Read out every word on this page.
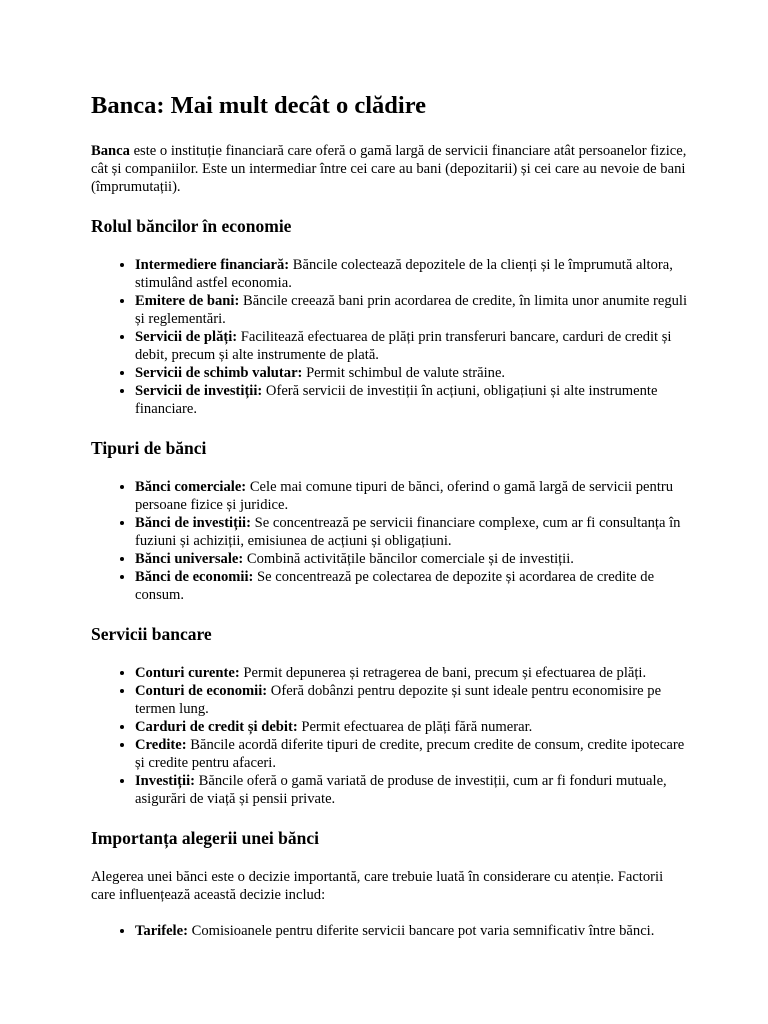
Banca: Mai mult decât o clădire

Banca este o instituție financiară care oferă o gamă largă de servicii financiare atât persoanelor fizice, cât și companiilor. Este un intermediar între cei care au bani (depozitarii) și cei care au nevoie de bani (împrumutații).

Rolul băncilor în economie
• Intermediere financiară: Băncile colectează depozitele de la clienți și le împrumută altora, stimulând astfel economia.
• Emitere de bani: Băncile creează bani prin acordarea de credite, în limita unor anumite reguli și reglementări.
• Servicii de plăți: Facilitează efectuarea de plăți prin transferuri bancare, carduri de credit și debit, precum și alte instrumente de plată.
• Servicii de schimb valutar: Permit schimbul de valute străine.
• Servicii de investiții: Oferă servicii de investiții în acțiuni, obligațiuni și alte instrumente financiare.
Tipuri de bănci
• Bănci comerciale: Cele mai comune tipuri de bănci, oferind o gamă largă de servicii pentru persoane fizice și juridice.
• Bănci de investiții: Se concentrează pe servicii financiare complexe, cum ar fi consultanța în fuziuni și achiziții, emisiunea de acțiuni și obligațiuni.
• Bănci universale: Combină activitățile băncilor comerciale și de investiții.
• Bănci de economii: Se concentrează pe colectarea de depozite și acordarea de credite de consum.
Servicii bancare
• Conturi curente: Permit depunerea și retragerea de bani, precum și efectuarea de plăți.
• Conturi de economii: Oferă dobânzi pentru depozite și sunt ideale pentru economisire pe termen lung.
• Carduri de credit și debit: Permit efectuarea de plăți fără numerar.
• Credite: Băncile acordă diferite tipuri de credite, precum credite de consum, credite ipotecare și credite pentru afaceri.
• Investiții: Băncile oferă o gamă variată de produse de investiții, cum ar fi fonduri mutuale, asigurări de viață și pensii private.
Importanța alegerii unei bănci

Alegerea unei bănci este o decizie importantă, care trebuie luată în considerare cu atenție. Factorii care influențează această decizie includ:

• Tarifele: Comisioanele pentru diferite servicii bancare pot varia semnificativ între bănci.
